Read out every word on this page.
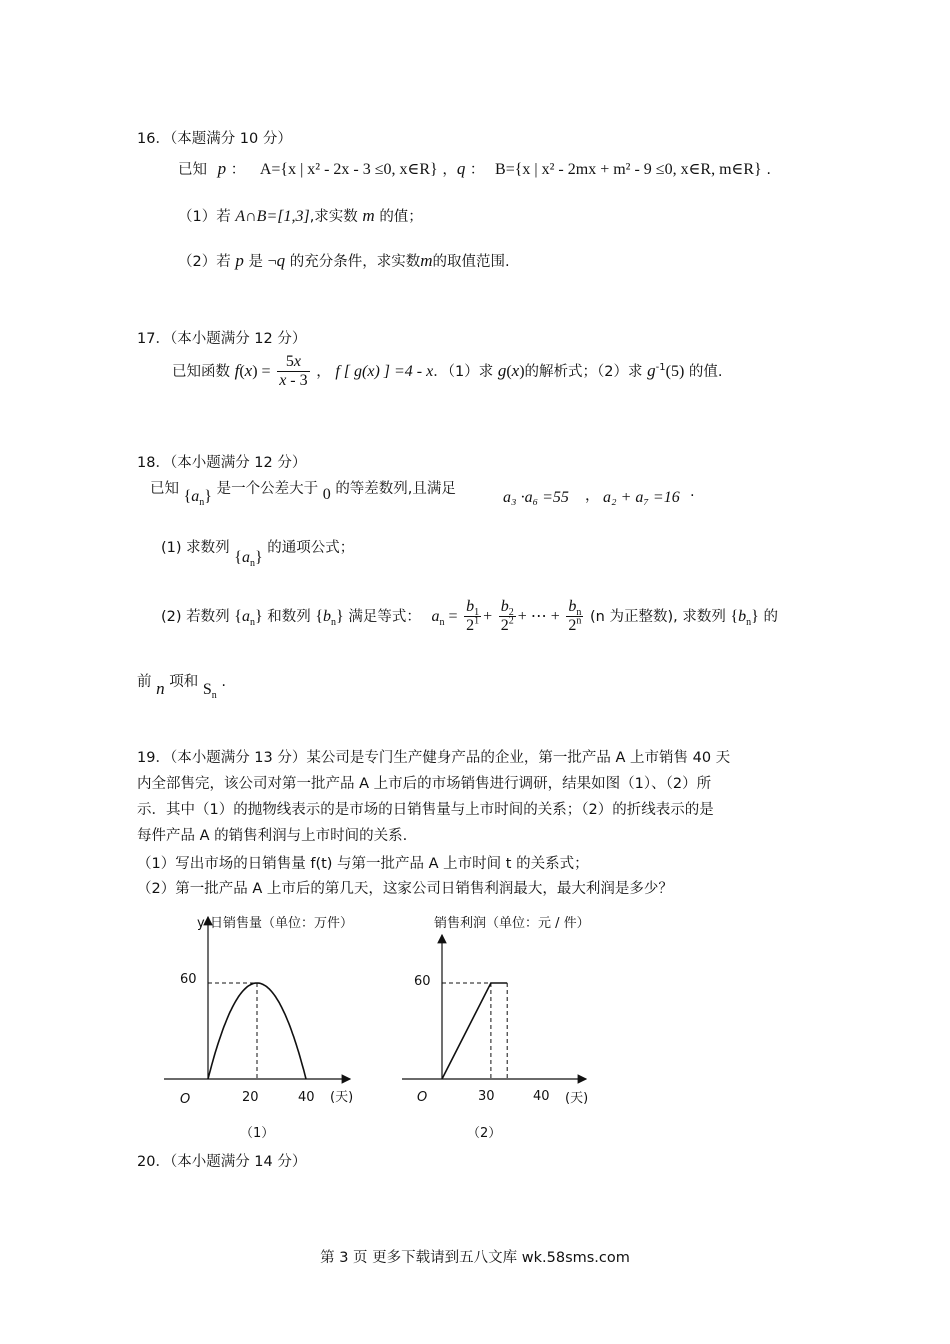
16．（本题满分 10 分）
已知 p ： A={x | x² - 2x - 3 ≤0, x∈R} ，q ： B={x | x² - 2mx + m² - 9 ≤0, x∈R, m∈R} .
（1）若 A∩B=[1,3],求实数 m 的值；
（2）若 p 是 ¬q 的充分条件，求实数m的取值范围.
17．（本小题满分 12 分）
已知函数 $f(x) = \frac{5x}{x - 3}$ ， f [ g(x) ] =4 - x．（1）求 g(x)的解析式；（2）求 $g^{-1}(5)$ 的值.
18．（本小题满分 12 分）
已知 $\{a_n\}$ 是一个公差大于 0 的等差数列,且满足	a₃ ·a₆ =55 ， a₂ + a₇ =16 .
(1) 求数列 $\{a_n\}$ 的通项公式；
(2) 若数列 $\{a_n\}$ 和数列 $\{b_n\}$ 满足等式： $a_n = \frac{b_1}{2^1} + \frac{b_2}{2^2}$ + ⋯ + $\frac{b_n}{2^n} (n$ 为正整数), 求数列 $\{b_n\}$ 的
前 n 项和 $S_n$ .
19．（本小题满分 13 分）某公司是专门生产健身产品的企业，第一批产品 A 上市销售 40 天
内全部售完，该公司对第一批产品 A 上市后的市场销售进行调研，结果如图（1）、（2）所
示．其中（1）的抛物线表示的是市场的日销售量与上市时间的关系；（2）的折线表示的是
每件产品 A 的销售利润与上市时间的关系.
（1）写出市场的日销售量 f(t) 与第一批产品 A 上市时间 t 的关系式；
（2）第一批产品 A 上市后的第几天，这家公司日销售利润最大，最大利润是多少？
y 日销售量（单位：万件）
O
60
20	40 (天)
（1）
销售利润（单位：元 / 件）
O
60
30	40 (天)
（2）
20．（本小题满分 14 分）
第 3 页 更多下载请到五八文库 wk.58sms.com
